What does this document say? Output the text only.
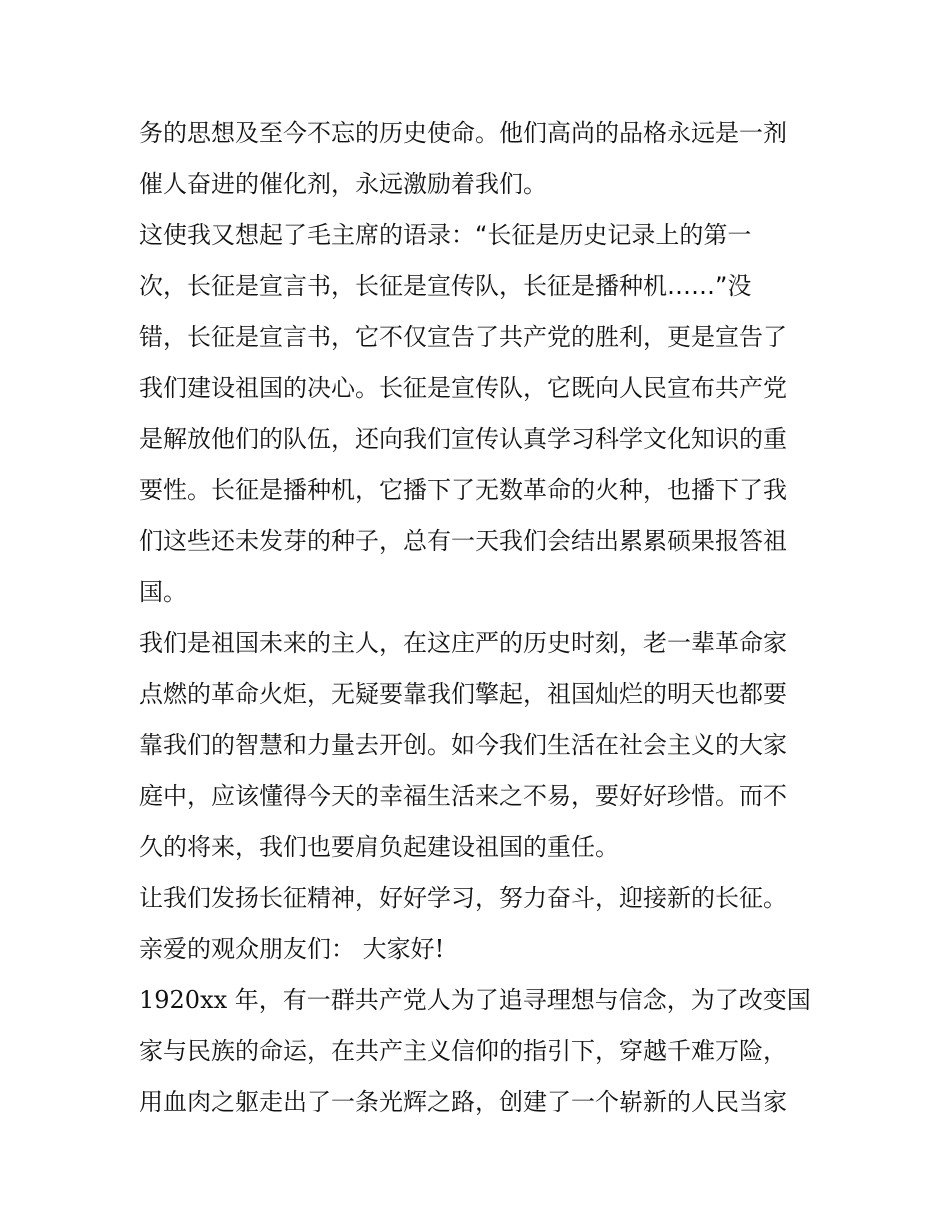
务的思想及至今不忘的历史使命。他们高尚的品格永远是一剂
催人奋进的催化剂，永远激励着我们。
这使我又想起了毛主席的语录：“长征是历史记录上的第一
次，长征是宣言书，长征是宣传队，长征是播种机……”没
错，长征是宣言书，它不仅宣告了共产党的胜利，更是宣告了
我们建设祖国的决心。长征是宣传队，它既向人民宣布共产党
是解放他们的队伍，还向我们宣传认真学习科学文化知识的重
要性。长征是播种机，它播下了无数革命的火种，也播下了我
们这些还未发芽的种子，总有一天我们会结出累累硕果报答祖
国。
我们是祖国未来的主人，在这庄严的历史时刻，老一辈革命家
点燃的革命火炬，无疑要靠我们擎起，祖国灿烂的明天也都要
靠我们的智慧和力量去开创。如今我们生活在社会主义的大家
庭中，应该懂得今天的幸福生活来之不易，要好好珍惜。而不
久的将来，我们也要肩负起建设祖国的重任。
让我们发扬长征精神，好好学习，努力奋斗，迎接新的长征。
亲爱的观众朋友们： 大家好!
1920xx 年，有一群共产党人为了追寻理想与信念，为了改变国
家与民族的命运，在共产主义信仰的指引下，穿越千难万险，
用血肉之躯走出了一条光辉之路，创建了一个崭新的人民当家
